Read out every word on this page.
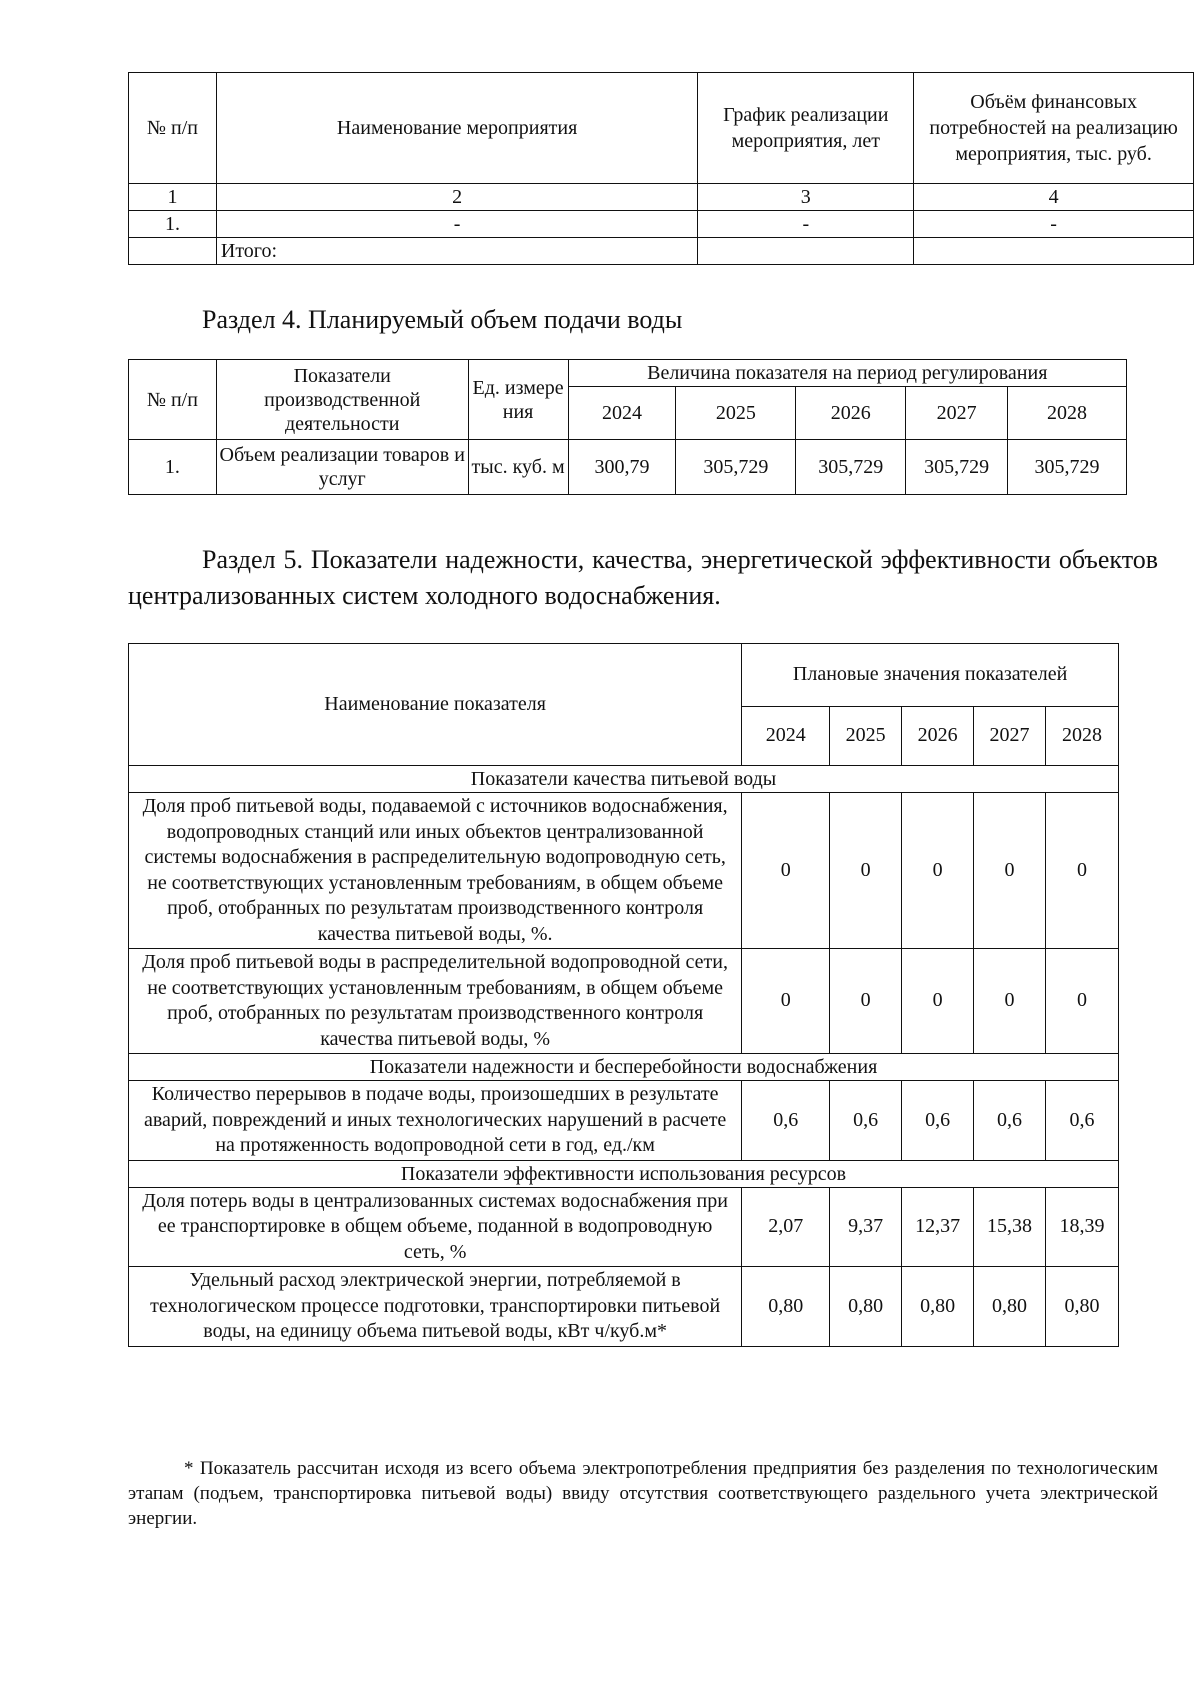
№ п/п	Наименование мероприятия	График реализации мероприятия, лет	Объём финансовых потребностей на реализацию мероприятия, тыс. руб.
1	2	3	4
1.	-	-	-
	Итого:		

Раздел 4. Планируемый объем подачи воды

№ п/п	Показатели производственной деятельности	Ед. измере ния	Величина показателя на период регулирования				
			2024	2025	2026	2027	2028
1.	Объем реализации товаров и услуг	тыс. куб. м	300,79	305,729	305,729	305,729	305,729

Раздел 5. Показатели надежности, качества, энергетической эффективности объектов централизованных систем холодного водоснабжения.

Наименование показателя	Плановые значения показателей				
	2024	2025	2026	2027	2028
Показатели качества питьевой воды					
Доля проб питьевой воды, подаваемой с источников водоснабжения, водопроводных станций или иных объектов централизованной системы водоснабжения в распределительную водопроводную сеть, не соответствующих установленным требованиям, в общем объеме проб, отобранных по результатам производственного контроля качества питьевой воды, %.	0	0	0	0	0
Доля проб питьевой воды в распределительной водопроводной сети, не соответствующих установленным требованиям, в общем объеме проб, отобранных по результатам производственного контроля качества питьевой воды, %	0	0	0	0	0
Показатели надежности и бесперебойности водоснабжения					
Количество перерывов в подаче воды, произошедших в результате аварий, повреждений и иных технологических нарушений в расчете на протяженность водопроводной сети в год, ед./км	0,6	0,6	0,6	0,6	0,6
Показатели эффективности использования ресурсов					
Доля потерь воды в централизованных системах водоснабжения при ее транспортировке в общем объеме, поданной в водопроводную сеть, %	2,07	9,37	12,37	15,38	18,39
Удельный расход электрической энергии, потребляемой в технологическом процессе подготовки, транспортировки питьевой воды, на единицу объема питьевой воды, кВт ч/куб.м*	0,80	0,80	0,80	0,80	0,80

* Показатель рассчитан исходя из всего объема электропотребления предприятия без разделения по технологическим этапам (подъем, транспортировка питьевой воды) ввиду отсутствия соответствующего раздельного учета электрической энергии.
